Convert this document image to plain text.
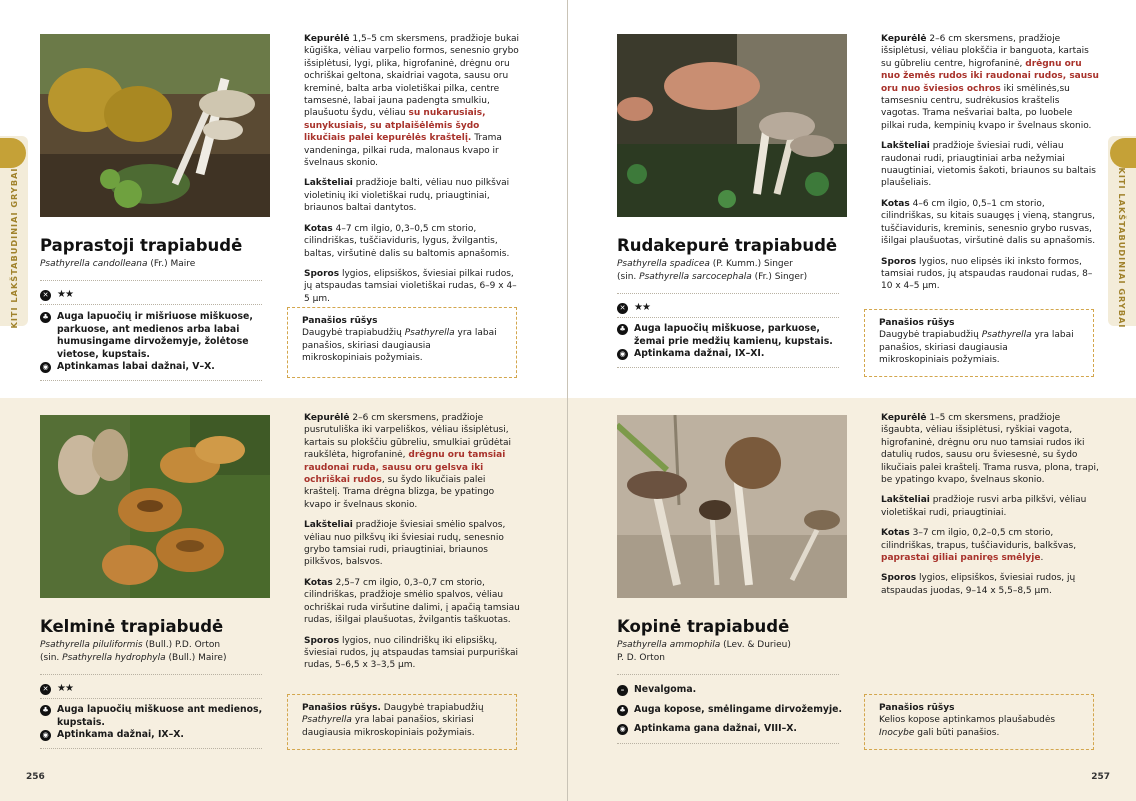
KITI LAKŠTABUDINIAI GRYBAI Paprastoji trapiabudė
Psathyrella candolleana (Fr.) Maire
✕ ★★
♣ Auga lapuočių ir mišriuose miškuose, parkuose, ant medienos arba labai humusingame dirvožemyje, žolėtose vietose, kupstais.
◉ Aptinkamas labai dažnai, V–X.

Kepurėlė 1,5–5 cm skersmens, pradžioje bukai kūgiška, vėliau varpelio formos, senesnio grybo išsiplėtusi, lygi, plika, higrofaninė, drėgnu oru ochriškai geltona, skaidriai vagota, sausu oru kreminė, balta arba violetiškai pilka, centre tamsesnė, labai jauna padengta smulkiu, plaušuotu šydu, vėliau su nukarusiais, sunykusiais, su atplaišėlėmis šydo likučiais palei kepurėlės kraštelį. Trama vandeninga, pilkai ruda, malonaus kvapo ir švelnaus skonio.

Lakšteliai pradžioje balti, vėliau nuo pilkšvai violetinių iki violetiškai rudų, priaugtiniai, briaunos baltai dantytos.

Kotas 4–7 cm ilgio, 0,3–0,5 cm storio, cilindriškas, tuščiaviduris, lygus, žvilgantis, baltas, viršutinė dalis su baltomis apnašomis.

Sporos lygios, elipsiškos, šviesiai pilkai rudos, jų atspaudas tamsiai violetiškai rudas, 6–9 x 4–5 µm.

Panašios rūšys
Daugybė trapiabudžių Psathyrella yra labai panašios, skiriasi daugiausia mikroskopiniais požymiais.
Kelminė trapiabudė
Psathyrella piluliformis (Bull.) P.D. Orton
(sin. Psathyrella hydrophyla (Bull.) Maire)
✕ ★★
♣ Auga lapuočių miškuose ant medienos, kupstais.
◉ Aptinkama dažnai, IX–X.

Kepurėlė 2–6 cm skersmens, pradžioje pusrutuliška iki varpeliškos, vėliau išsiplėtusi, kartais su plokščiu gūbreliu, smulkiai grūdėtai raukšlėta, higrofaninė, drėgnu oru tamsiai raudonai ruda, sausu oru gelsva iki ochriškai rudos, su šydo likučiais palei kraštelį. Trama drėgna blizga, be ypatingo kvapo ir švelnaus skonio.

Lakšteliai pradžioje šviesiai smėlio spalvos, vėliau nuo pilkšvų iki šviesiai rudų, senesnio grybo tamsiai rudi, priaugtiniai, briaunos pilkšvos, balsvos.

Kotas 2,5–7 cm ilgio, 0,3–0,7 cm storio, cilindriškas, pradžioje smėlio spalvos, vėliau ochriškai ruda viršutine dalimi, į apačią tamsiau rudas, išilgai plaušuotas, žvilgantis taškuotas.

Sporos lygios, nuo cilindriškų iki elipsiškų, šviesiai rudos, jų atspaudas tamsiai purpuriškai rudas, 5–6,5 x 3–3,5 µm.

Panašios rūšys. Daugybė trapiabudžių Psathyrella yra labai panašios, skiriasi daugiausia mikroskopiniais požymiais.
256
KITI LAKŠTABUDINIAI GRYBAI
Rudakepurė trapiabudė
Psathyrella spadicea (P. Kumm.) Singer
(sin. Psathyrella sarcocephala (Fr.) Singer)
✕ ★★
♣ Auga lapuočių miškuose, parkuose, žemai prie medžių kamienų, kupstais.
◉ Aptinkama dažnai, IX–XI.

Kepurėlė 2–6 cm skersmens, pradžioje išsiplėtusi, vėliau plokščia ir banguota, kartais su gūbreliu centre, higrofaninė, drėgnu oru nuo žemės rudos iki raudonai rudos, sausu oru nuo šviesios ochros iki smėlinės,su tamsesniu centru, sudrėkusios kraštelis vagotas. Trama nešvariai balta, po luobele pilkai ruda, kempinių kvapo ir švelnaus skonio.

Lakšteliai pradžioje šviesiai rudi, vėliau raudonai rudi, priaugtiniai arba nežymiai nuaugtiniai, vietomis šakoti, briaunos su baltais plaušeliais.

Kotas 4–6 cm ilgio, 0,5–1 cm storio, cilindriškas, su kitais suaugęs į vieną, stangrus, tuščiaviduris, kreminis, senesnio grybo rusvas, išilgai plaušuotas, viršutinė dalis su apnašomis.

Sporos lygios, nuo elipsės iki inksto formos, tamsiai rudos, jų atspaudas raudonai rudas, 8–10 x 4–5 µm.

Panašios rūšys
Daugybė trapiabudžių Psathyrella yra labai panašios, skiriasi daugiausia mikroskopiniais požymiais.
Kopinė trapiabudė
Psathyrella ammophila (Lev. & Durieu)
P. D. Orton
–	Nevalgoma.
♣ Auga kopose, smėlingame dirvožemyje.
◉ Aptinkama gana dažnai, VIII–X.

Kepurėlė 1–5 cm skersmens, pradžioje išgaubta, vėliau išsiplėtusi, ryškiai vagota, higrofaninė, drėgnu oru nuo tamsiai rudos iki datulių rudos, sausu oru šviesesnė, su šydo likučiais palei kraštelį. Trama rusva, plona, trapi, be ypatingo kvapo, švelnaus skonio.

Lakšteliai pradžioje rusvi arba pilkšvi, vėliau violetiškai rudi, priaugtiniai.

Kotas 3–7 cm ilgio, 0,2–0,5 cm storio, cilindriškas, trapus, tuščiaviduris, balkšvas, paprastai giliai paniręs smėlyje.

Sporos lygios, elipsiškos, šviesiai rudos, jų atspaudas juodas, 9–14 x 5,5–8,5 µm.

Panašios rūšys
Kelios kopose aptinkamos plaušabudės Inocybe gali būti panašios.
257
